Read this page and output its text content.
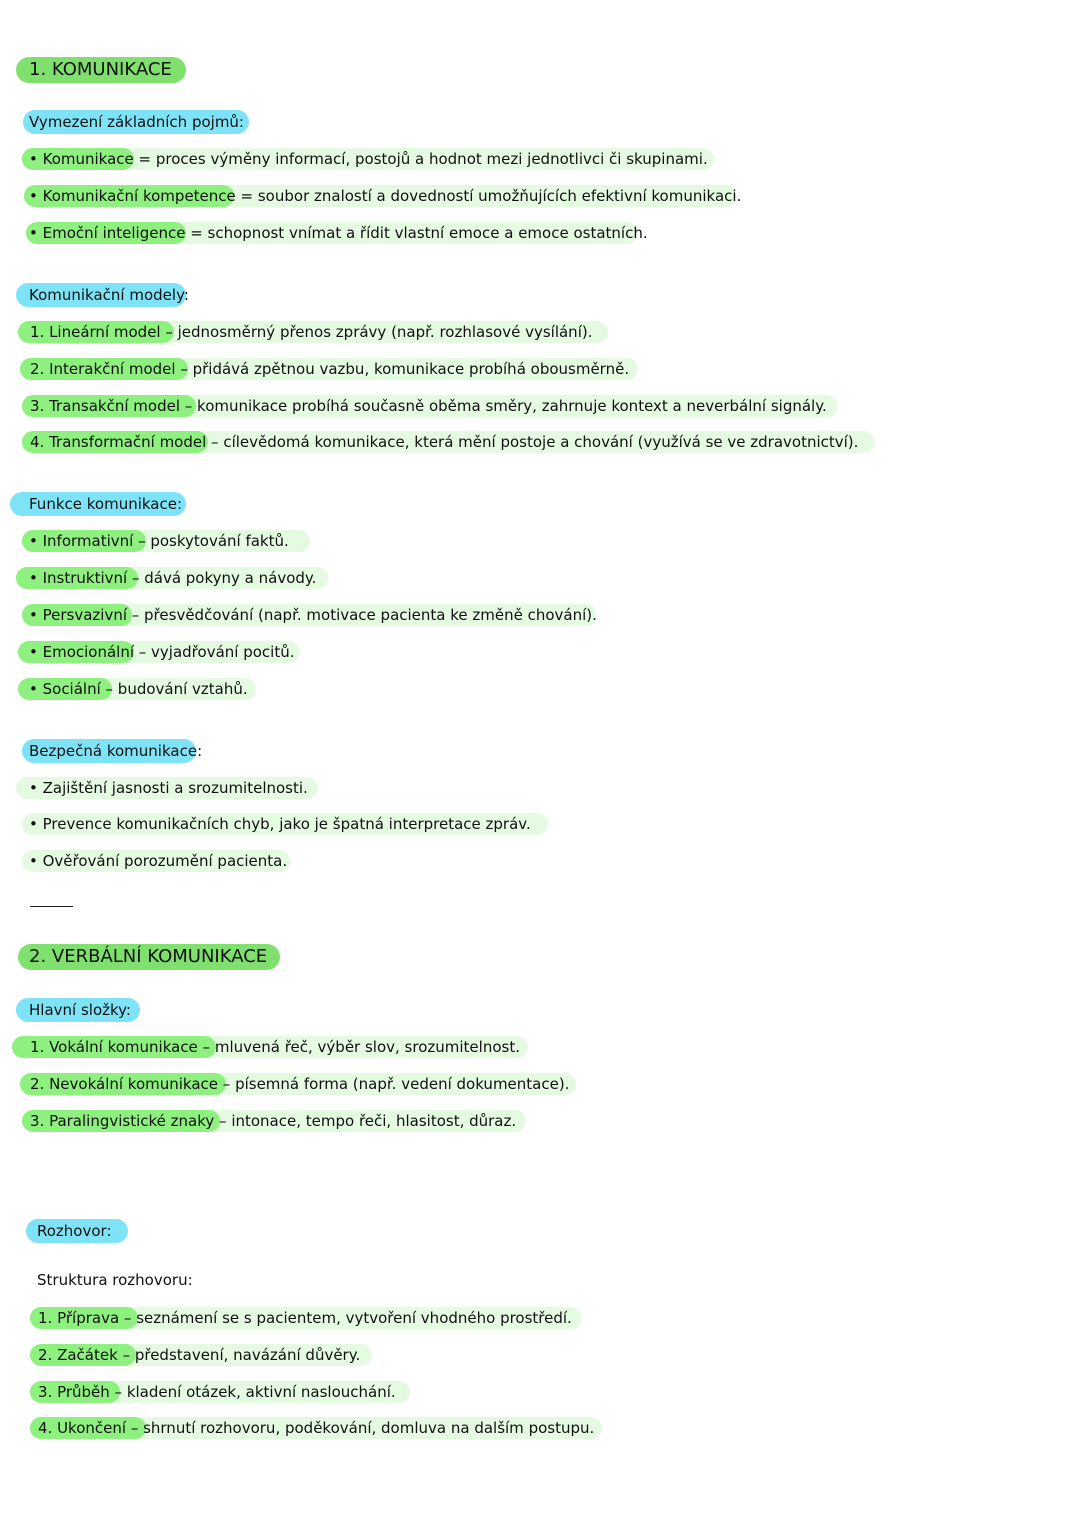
1. KOMUNIKACE
Vymezení základních pojmů:
• Komunikace = proces výměny informací, postojů a hodnot mezi jednotlivci či skupinami.
• Komunikační kompetence = soubor znalostí a dovedností umožňujících efektivní komunikaci.
• Emoční inteligence = schopnost vnímat a řídit vlastní emoce a emoce ostatních.
Komunikační modely:
1. Lineární model – jednosměrný přenos zprávy (např. rozhlasové vysílání).
2. Interakční model – přidává zpětnou vazbu, komunikace probíhá obousměrně.
3. Transakční model – komunikace probíhá současně oběma směry, zahrnuje kontext a neverbální signály.
4. Transformační model – cílevědomá komunikace, která mění postoje a chování (využívá se ve zdravotnictví).
Funkce komunikace:
• Informativní – poskytování faktů.
• Instruktivní – dává pokyny a návody.
• Persvazivní – přesvědčování (např. motivace pacienta ke změně chování).
• Emocionální – vyjadřování pocitů.
• Sociální – budování vztahů.
Bezpečná komunikace:
• Zajištění jasnosti a srozumitelnosti.
• Prevence komunikačních chyb, jako je špatná interpretace zpráv.
• Ověřování porozumění pacienta.
2. VERBÁLNÍ KOMUNIKACE
Hlavní složky:
1. Vokální komunikace – mluvená řeč, výběr slov, srozumitelnost.
2. Nevokální komunikace – písemná forma (např. vedení dokumentace).
3. Paralingvistické znaky – intonace, tempo řeči, hlasitost, důraz.
Rozhovor:
Struktura rozhovoru:
1. Příprava – seznámení se s pacientem, vytvoření vhodného prostředí.
2. Začátek – představení, navázání důvěry.
3. Průběh – kladení otázek, aktivní naslouchání.
4. Ukončení – shrnutí rozhovoru, poděkování, domluva na dalším postupu.
